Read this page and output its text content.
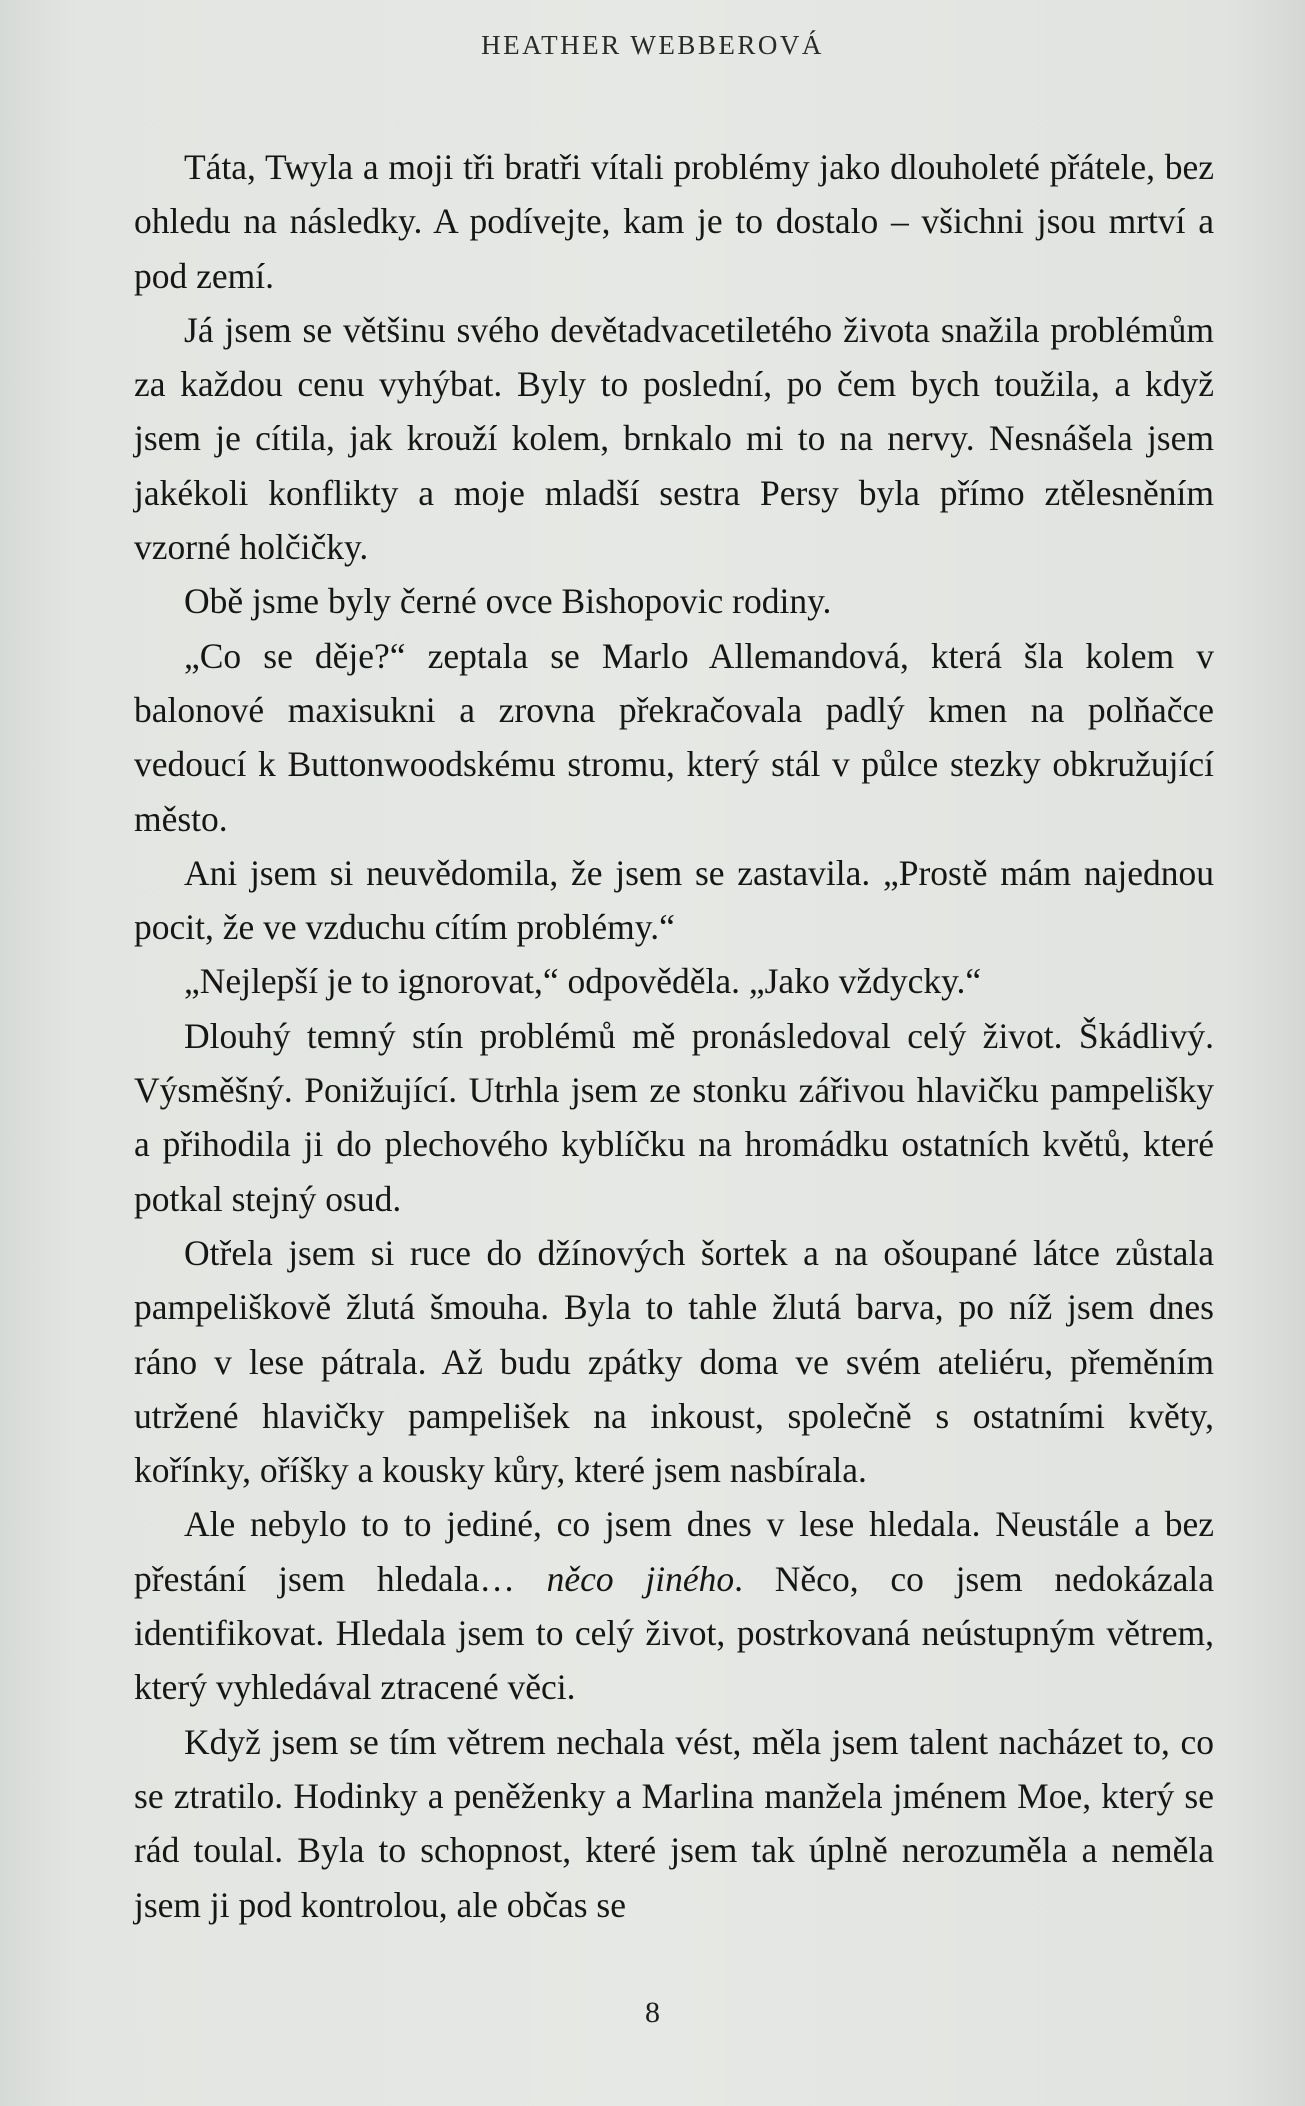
HEATHER WEBBEROVÁ

Táta, Twyla a moji tři bratři vítali problémy jako dlouholeté přátele, bez ohledu na následky. A podívejte, kam je to dostalo – všichni jsou mrtví a pod zemí.

Já jsem se většinu svého devětadvacetiletého života snažila problémům za každou cenu vyhýbat. Byly to poslední, po čem bych toužila, a když jsem je cítila, jak krouží kolem, brnkalo mi to na nervy. Nesnášela jsem jakékoli konflikty a moje mladší sestra Persy byla přímo ztělesněním vzorné holčičky.

Obě jsme byly černé ovce Bishopovic rodiny.

„Co se děje?“ zeptala se Marlo Allemandová, která šla kolem v balonové maxisukni a zrovna překračovala padlý kmen na polňačce vedoucí k Buttonwoodskému stromu, který stál v půlce stezky obkružující město.

Ani jsem si neuvědomila, že jsem se zastavila. „Prostě mám najednou pocit, že ve vzduchu cítím problémy.“

„Nejlepší je to ignorovat,“ odpověděla. „Jako vždycky.“

Dlouhý temný stín problémů mě pronásledoval celý život. Škádlivý. Výsměšný. Ponižující. Utrhla jsem ze stonku zářivou hlavičku pampelišky a přihodila ji do plechového kyblíčku na hromádku ostatních květů, které potkal stejný osud.

Otřela jsem si ruce do džínových šortek a na ošoupané látce zůstala pampeliškově žlutá šmouha. Byla to tahle žlutá barva, po níž jsem dnes ráno v lese pátrala. Až budu zpátky doma ve svém ateliéru, přeměním utržené hlavičky pampelišek na inkoust, společně s ostatními květy, kořínky, oříšky a kousky kůry, které jsem nasbírala.

Ale nebylo to to jediné, co jsem dnes v lese hledala. Neustále a bez přestání jsem hledala… něco jiného. Něco, co jsem nedokázala identifikovat. Hledala jsem to celý život, postrkovaná neústupným větrem, který vyhledával ztracené věci.

Když jsem se tím větrem nechala vést, měla jsem talent nacházet to, co se ztratilo. Hodinky a peněženky a Marlina manžela jménem Moe, který se rád toulal. Byla to schopnost, které jsem tak úplně nerozuměla a neměla jsem ji pod kontrolou, ale občas se

8
